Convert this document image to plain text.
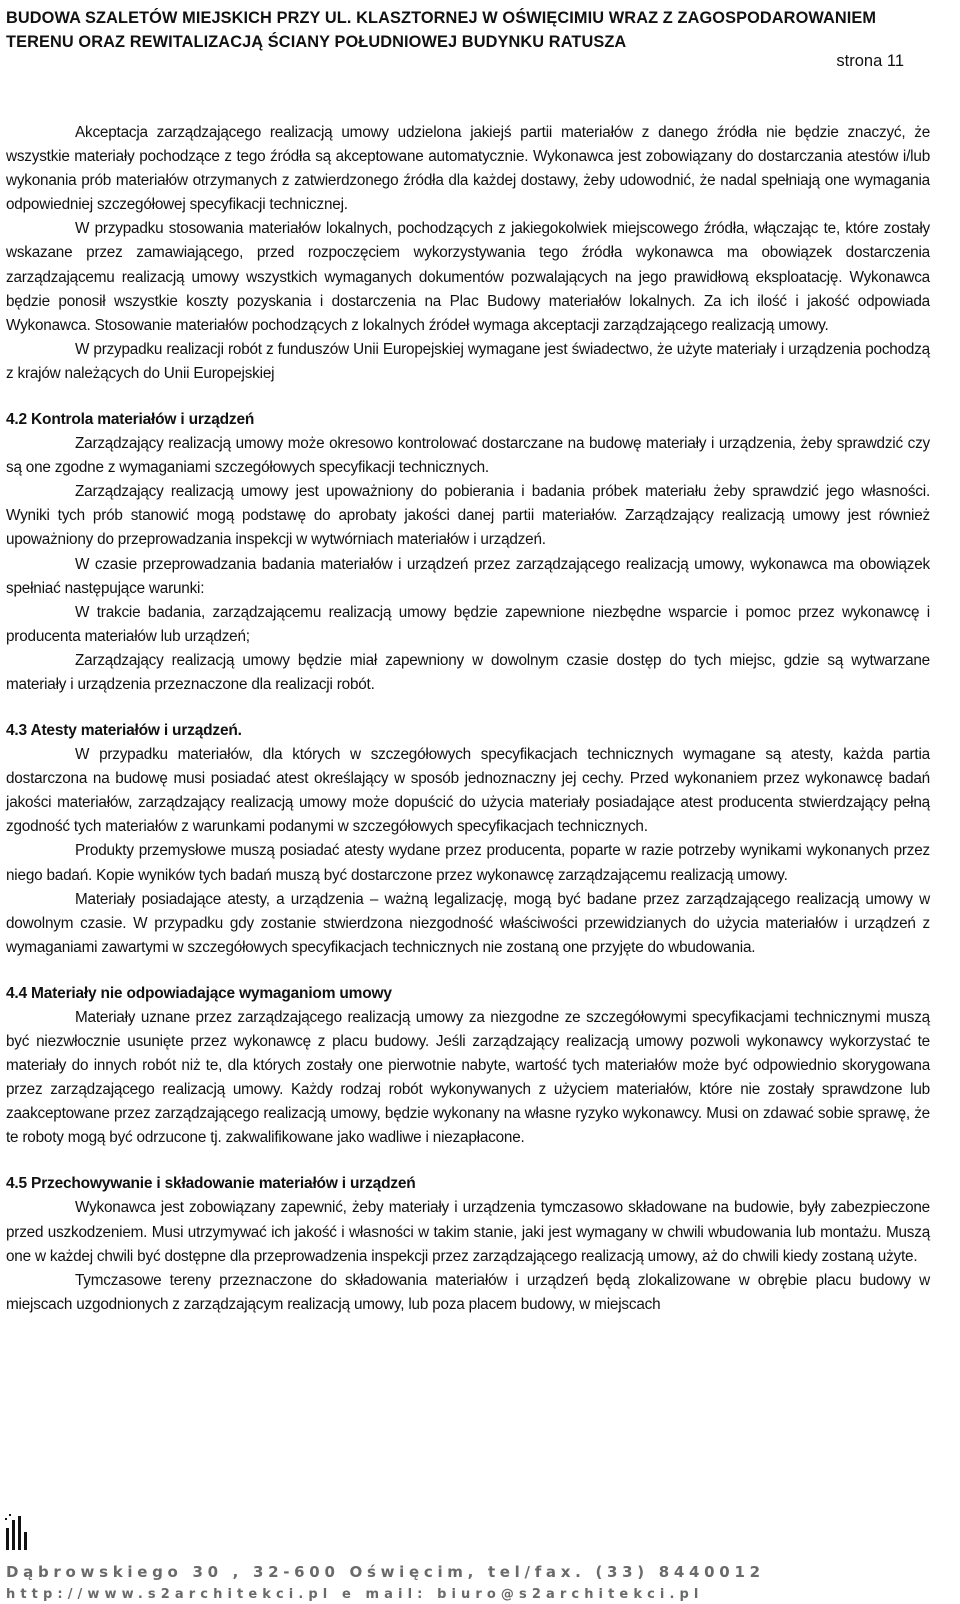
BUDOWA SZALETÓW MIEJSKICH PRZY UL. KLASZTORNEJ W OŚWIĘCIMIU WRAZ Z ZAGOSPODAROWANIEM
TERENU ORAZ REWITALIZACJĄ ŚCIANY POŁUDNIOWEJ BUDYNKU RATUSZA
strona 11

Akceptacja zarządzającego realizacją umowy udzielona jakiejś partii materiałów z danego źródła nie będzie znaczyć, że wszystkie materiały pochodzące z tego źródła są akceptowane automatycznie. Wykonawca jest zobowiązany do dostarczania atestów i/lub wykonania prób materiałów otrzymanych z zatwierdzonego źródła dla każdej dostawy, żeby udowodnić, że nadal spełniają one wymagania odpowiedniej szczegółowej specyfikacji technicznej.

W przypadku stosowania materiałów lokalnych, pochodzących z jakiegokolwiek miejscowego źródła, włączając te, które zostały wskazane przez zamawiającego, przed rozpoczęciem wykorzystywania tego źródła wykonawca ma obowiązek dostarczenia zarządzającemu realizacją umowy wszystkich wymaganych dokumentów pozwalających na jego prawidłową eksploatację. Wykonawca będzie ponosił wszystkie koszty pozyskania i dostarczenia na Plac Budowy materiałów lokalnych. Za ich ilość i jakość odpowiada Wykonawca. Stosowanie materiałów pochodzących z lokalnych źródeł wymaga akceptacji zarządzającego realizacją umowy.

W przypadku realizacji robót z funduszów Unii Europejskiej wymagane jest świadectwo, że użyte materiały i urządzenia pochodzą z krajów należących do Unii Europejskiej

4.2 Kontrola materiałów i urządzeń

Zarządzający realizacją umowy może okresowo kontrolować dostarczane na budowę materiały i urządzenia, żeby sprawdzić czy są one zgodne z wymaganiami szczegółowych specyfikacji technicznych.

Zarządzający realizacją umowy jest upoważniony do pobierania i badania próbek materiału żeby sprawdzić jego własności. Wyniki tych prób stanowić mogą podstawę do aprobaty jakości danej partii materiałów. Zarządzający realizacją umowy jest również upoważniony do przeprowadzania inspekcji w wytwórniach materiałów i urządzeń.

W czasie przeprowadzania badania materiałów i urządzeń przez zarządzającego realizacją umowy, wykonawca ma obowiązek spełniać następujące warunki:

W trakcie badania, zarządzającemu realizacją umowy będzie zapewnione niezbędne wsparcie i pomoc przez wykonawcę i producenta materiałów lub urządzeń;

Zarządzający realizacją umowy będzie miał zapewniony w dowolnym czasie dostęp do tych miejsc, gdzie są wytwarzane materiały i urządzenia przeznaczone dla realizacji robót.

4.3 Atesty materiałów i urządzeń.

W przypadku materiałów, dla których w szczegółowych specyfikacjach technicznych wymagane są atesty, każda partia dostarczona na budowę musi posiadać atest określający w sposób jednoznaczny jej cechy. Przed wykonaniem przez wykonawcę badań jakości materiałów, zarządzający realizacją umowy może dopuścić do użycia materiały posiadające atest producenta stwierdzający pełną zgodność tych materiałów z warunkami podanymi w szczegółowych specyfikacjach technicznych.

Produkty przemysłowe muszą posiadać atesty wydane przez producenta, poparte w razie potrzeby wynikami wykonanych przez niego badań. Kopie wyników tych badań muszą być dostarczone przez wykonawcę zarządzającemu realizacją umowy.

Materiały posiadające atesty, a urządzenia – ważną legalizację, mogą być badane przez zarządzającego realizacją umowy w dowolnym czasie. W przypadku gdy zostanie stwierdzona niezgodność właściwości przewidzianych do użycia materiałów i urządzeń z wymaganiami zawartymi w szczegółowych specyfikacjach technicznych nie zostaną one przyjęte do wbudowania.

4.4 Materiały nie odpowiadające wymaganiom umowy

Materiały uznane przez zarządzającego realizacją umowy za niezgodne ze szczegółowymi specyfikacjami technicznymi muszą być niezwłocznie usunięte przez wykonawcę z placu budowy. Jeśli zarządzający realizacją umowy pozwoli wykonawcy wykorzystać te materiały do innych robót niż te, dla których zostały one pierwotnie nabyte, wartość tych materiałów może być odpowiednio skorygowana przez zarządzającego realizacją umowy. Każdy rodzaj robót wykonywanych z użyciem materiałów, które nie zostały sprawdzone lub zaakceptowane przez zarządzającego realizacją umowy, będzie wykonany na własne ryzyko wykonawcy. Musi on zdawać sobie sprawę, że te roboty mogą być odrzucone tj. zakwalifikowane jako wadliwe i niezapłacone.

4.5 Przechowywanie i składowanie materiałów i urządzeń

Wykonawca jest zobowiązany zapewnić, żeby materiały i urządzenia tymczasowo składowane na budowie, były zabezpieczone przed uszkodzeniem. Musi utrzymywać ich jakość i własności w takim stanie, jaki jest wymagany w chwili wbudowania lub montażu. Muszą one w każdej chwili być dostępne dla przeprowadzenia inspekcji przez zarządzającego realizacją umowy, aż do chwili kiedy zostaną użyte.

Tymczasowe tereny przeznaczone do składowania materiałów i urządzeń będą zlokalizowane w obrębie placu budowy w miejscach uzgodnionych z zarządzającym realizacją umowy, lub poza placem budowy, w miejscach

Dąbrowskiego 30 , 32-600 Oświęcim, tel/fax. (33) 8440012
http://www.s2architekci.pl e mail: biuro@s2architekci.pl
